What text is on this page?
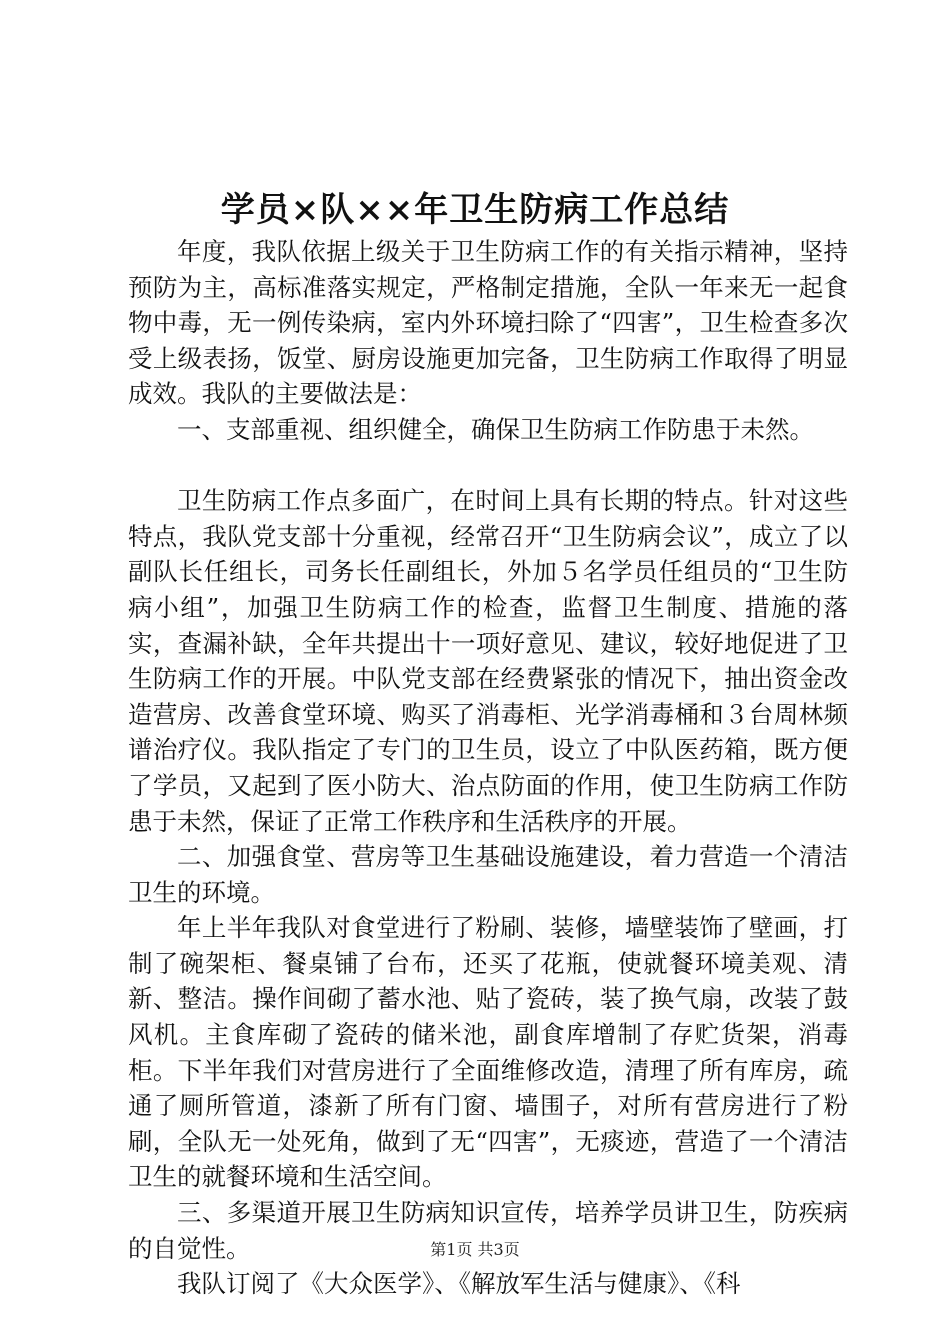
学员×队××年卫生防病工作总结

年度，我队依据上级关于卫生防病工作的有关指示精神，坚持预防为主，高标准落实规定，严格制定措施，全队一年来无一起食物中毒，无一例传染病，室内外环境扫除了“四害”，卫生检查多次受上级表扬，饭堂、厨房设施更加完备，卫生防病工作取得了明显成效。我队的主要做法是：

一、支部重视、组织健全，确保卫生防病工作防患于未然。

卫生防病工作点多面广，在时间上具有长期的特点。针对这些特点，我队党支部十分重视，经常召开“卫生防病会议”，成立了以副队长任组长，司务长任副组长，外加５名学员任组员的“卫生防病小组”，加强卫生防病工作的检查，监督卫生制度、措施的落实，查漏补缺，全年共提出十一项好意见、建议，较好地促进了卫生防病工作的开展。中队党支部在经费紧张的情况下，抽出资金改造营房、改善食堂环境、购买了消毒柜、光学消毒桶和３台周林频谱治疗仪。我队指定了专门的卫生员，设立了中队医药箱，既方便了学员，又起到了医小防大、治点防面的作用，使卫生防病工作防患于未然，保证了正常工作秩序和生活秩序的开展。

二、加强食堂、营房等卫生基础设施建设，着力营造一个清洁卫生的环境。

年上半年我队对食堂进行了粉刷、装修，墙壁装饰了壁画，打制了碗架柜、餐桌铺了台布，还买了花瓶，使就餐环境美观、清新、整洁。操作间砌了蓄水池、贴了瓷砖，装了换气扇，改装了鼓风机。主食库砌了瓷砖的储米池，副食库增制了存贮货架，消毒柜。下半年我们对营房进行了全面维修改造，清理了所有库房，疏通了厕所管道，漆新了所有门窗、墙围子，对所有营房进行了粉刷，全队无一处死角，做到了无“四害”，无痰迹，营造了一个清洁卫生的就餐环境和生活空间。

三、多渠道开展卫生防病知识宣传，培养学员讲卫生，防疾病的自觉性。

我队订阅了《大众医学》、《解放军生活与健康》、《科

第1页 共3页
